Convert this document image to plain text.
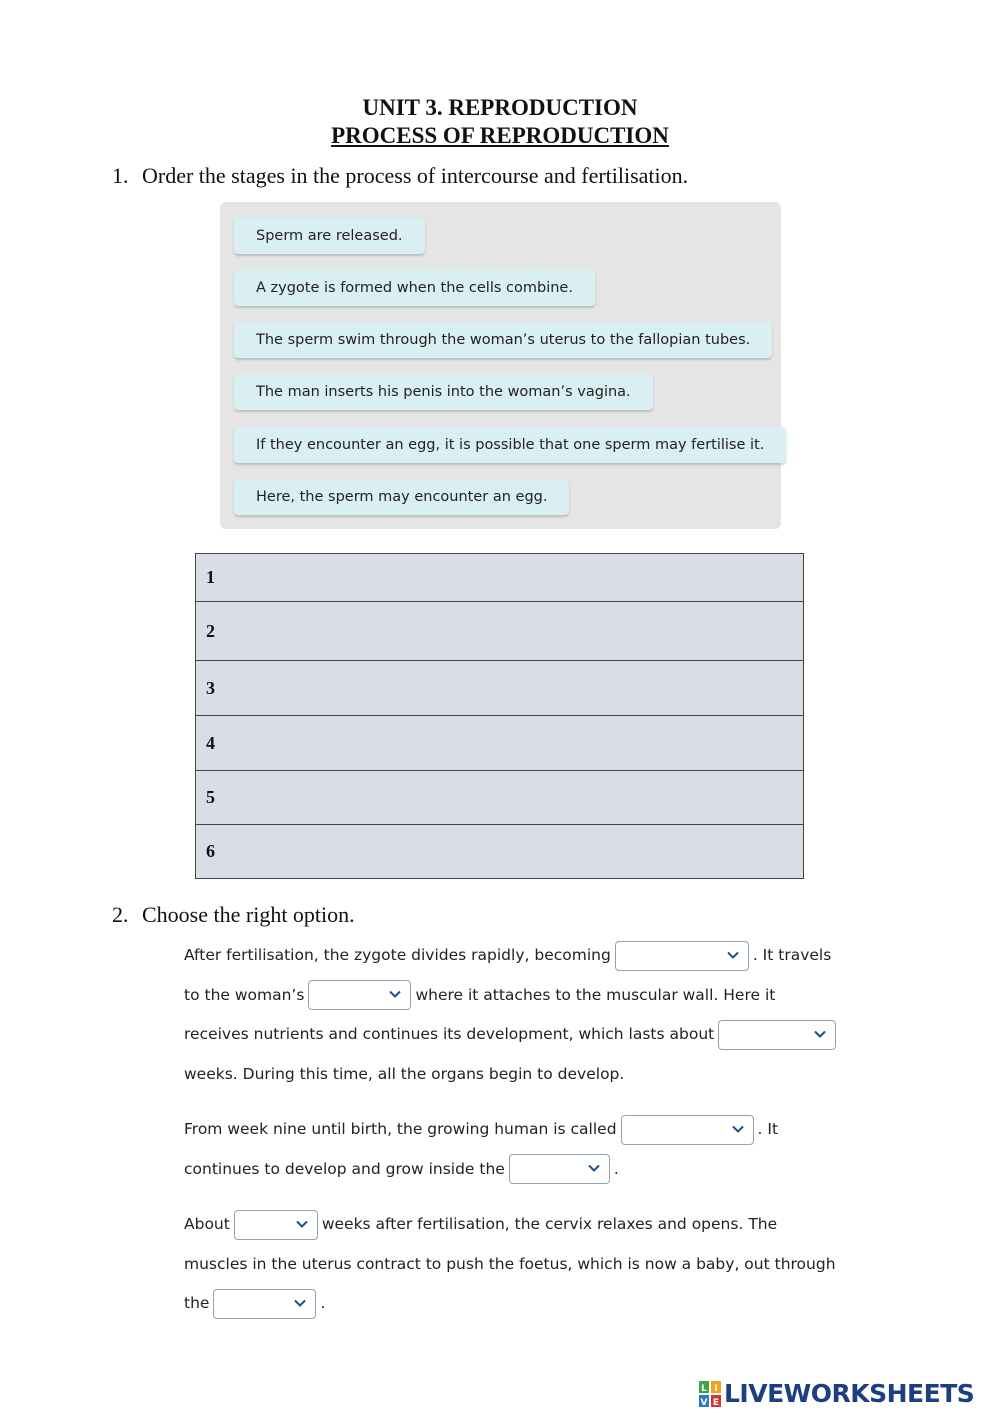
UNIT 3. REPRODUCTION
PROCESS OF REPRODUCTION
1. Order the stages in the process of intercourse and fertilisation.
Sperm are released.
A zygote is formed when the cells combine.
The sperm swim through the woman’s uterus to the fallopian tubes.
The man inserts his penis into the woman’s vagina.
If they encounter an egg, it is possible that one sperm may fertilise it.
Here, the sperm may encounter an egg.
1
2
3
4
5
6
2. Choose the right option.
After fertilisation, the zygote divides rapidly, becoming	. It travels
to the woman’s	where it attaches to the muscular wall. Here it
receives nutrients and continues its development, which lasts about
weeks. During this time, all the organs begin to develop.
From week nine until birth, the growing human is called	. It
continues to develop and grow inside the	.
About	weeks after fertilisation, the cervix relaxes and opens. The
muscles in the uterus contract to push the foetus, which is now a baby, out through
the	.
L I
V E LIVEWORKSHEETS
